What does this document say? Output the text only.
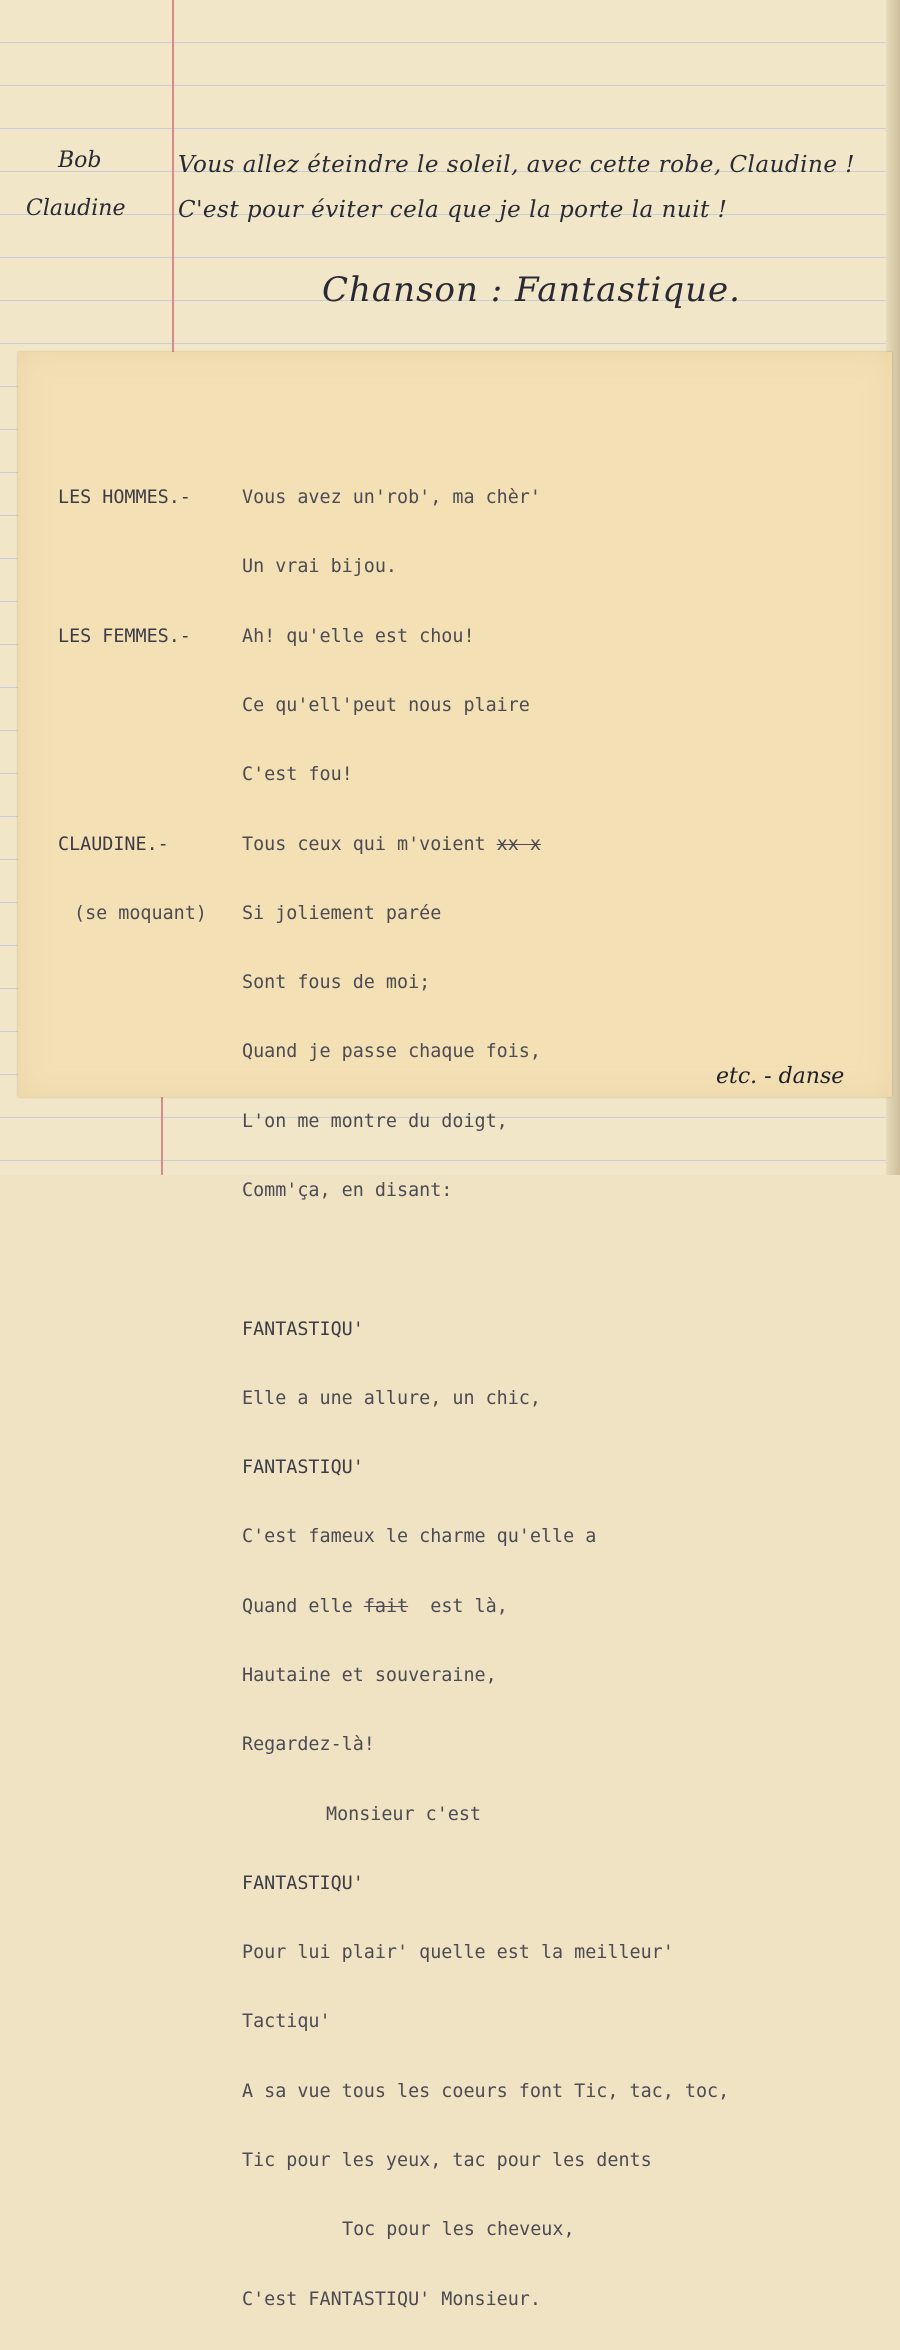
Bob	Vous allez éteindre le soleil, avec cette robe, Claudine !
Claudine C'est pour éviter cela que je la porte la nuit !
Chanson : Fantastique.

LES HOMMES.-	Vous avez un'rob', ma chèr'

Un vrai bijou.

LES FEMMES.-	Ah! qu'elle est chou!

Ce qu'ell'peut nous plaire

C'est fou!

CLAUDINE.-	Tous ceux qui m'voient xx x

(se moquant) Si joliement parée

Sont fous de moi;

Quand je passe chaque fois,

L'on me montre du doigt,

Comm'ça, en disant:

FANTASTIQU'

Elle a une allure, un chic,

FANTASTIQU'

C'est fameux le charme qu'elle a

Quand elle fait est là,

Hautaine et souveraine,

Regardez-là!

Monsieur c'est

FANTASTIQU'

Pour lui plair' quelle est la meilleur'

Tactiqu'

A sa vue tous les coeurs font Tic, tac, toc,

Tic pour les yeux, tac pour les dents

Toc pour les cheveux,

C'est FANTASTIQU' Monsieur.

etc. - danse
